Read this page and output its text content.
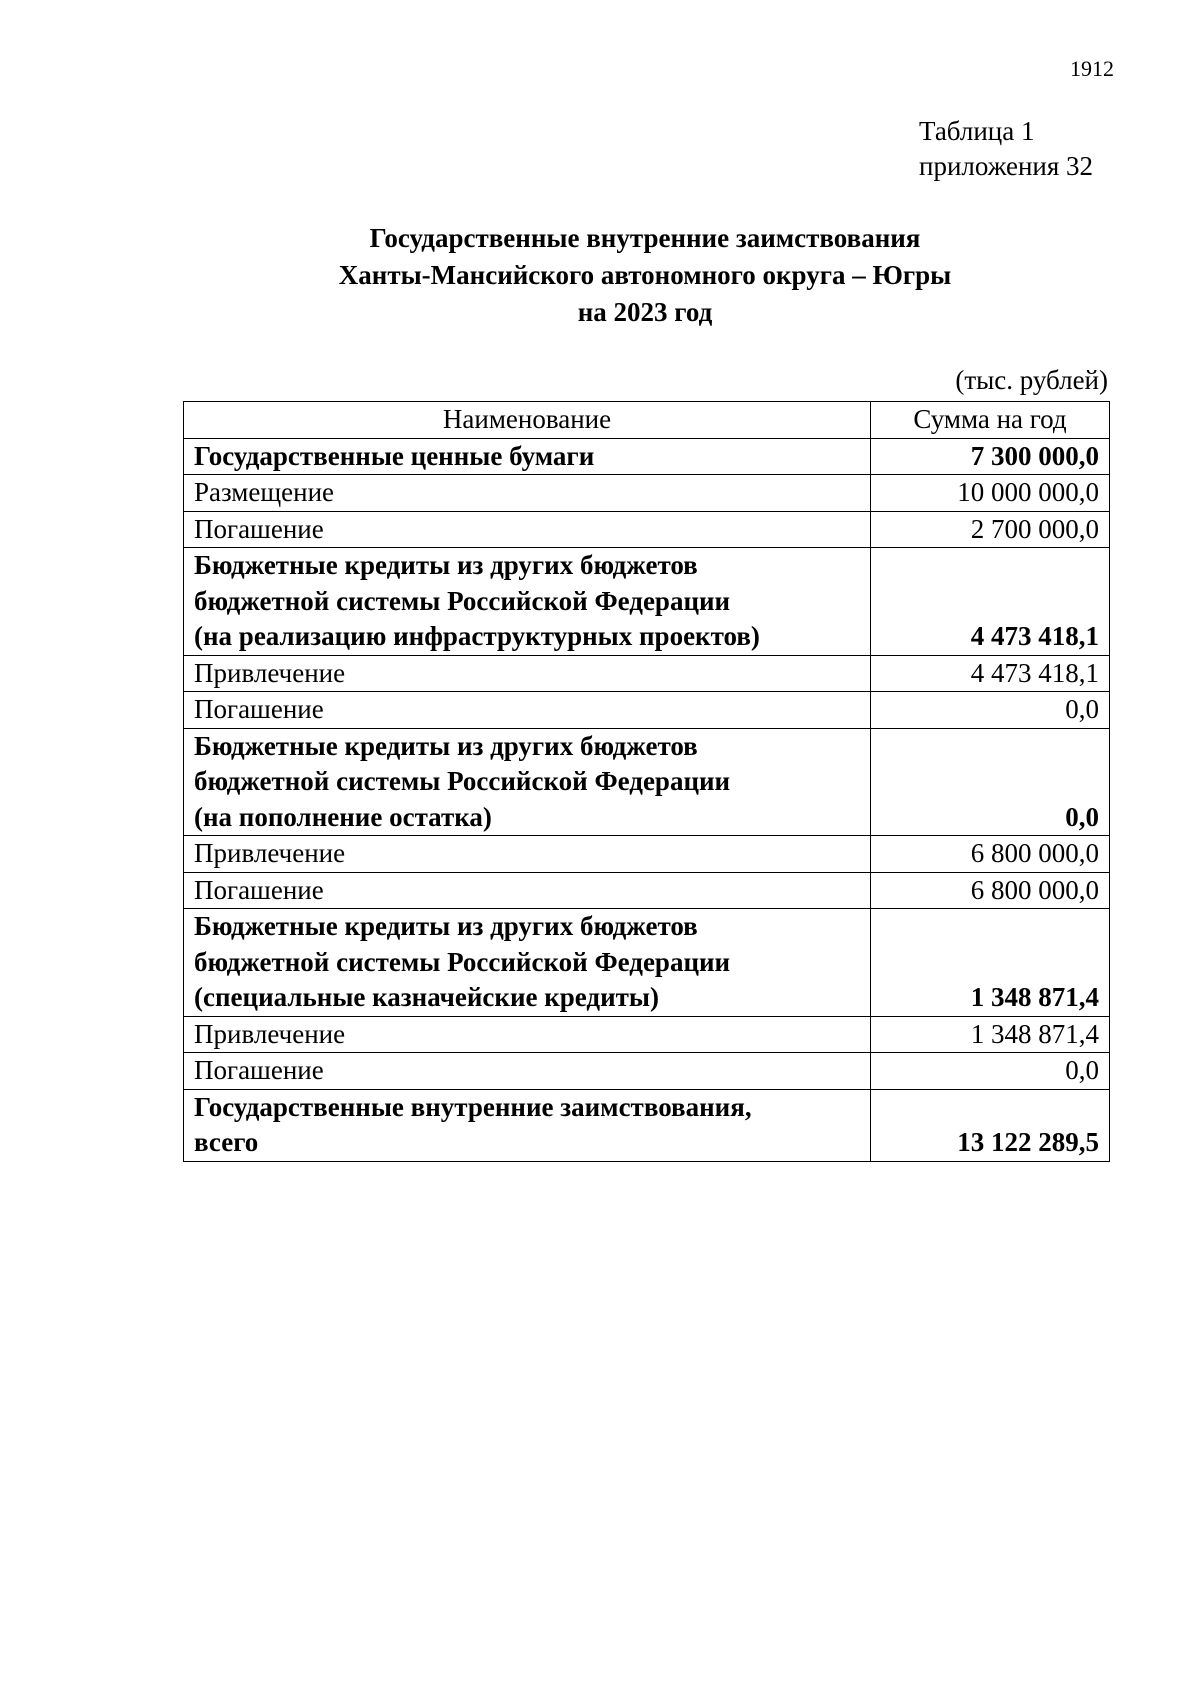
1912
Таблица 1
приложения 32
Государственные внутренние заимствования
Ханты-Мансийского автономного округа – Югры
на 2023 год
(тыс. рублей)
Наименование	Сумма на год

Государственные ценные бумаги	7 300 000,0

Размещение	10 000 000,0

Погашение	2 700 000,0

Бюджетные кредиты из других бюджетов
бюджетной системы Российской Федерации
(на реализацию инфраструктурных проектов)	4 473 418,1

Привлечение	4 473 418,1

Погашение	0,0

Бюджетные кредиты из других бюджетов
бюджетной системы Российской Федерации
(на пополнение остатка)	0,0

Привлечение	6 800 000,0

Погашение	6 800 000,0

Бюджетные кредиты из других бюджетов
бюджетной системы Российской Федерации
(специальные казначейские кредиты)	1 348 871,4

Привлечение	1 348 871,4

Погашение	0,0

Государственные внутренние заимствования,
всего	13 122 289,5
